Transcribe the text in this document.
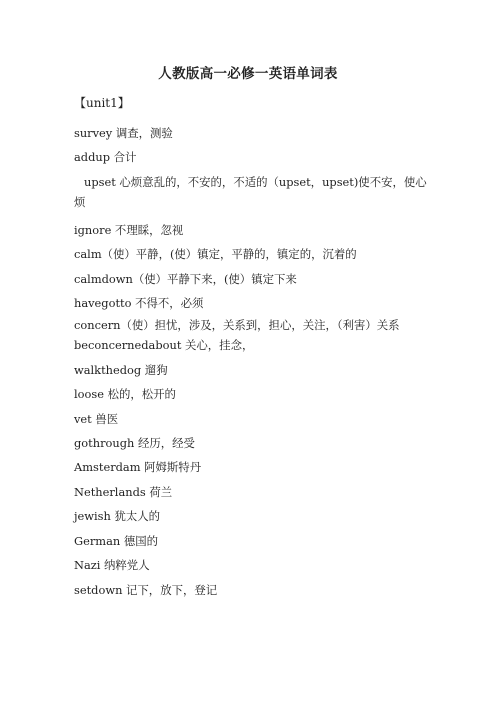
人教版高一必修一英语单词表
【unit1】
survey 调查，测验
addup 合计
upset 心烦意乱的，不安的，不适的（upset，upset)使不安，使心烦
ignore 不理睬，忽视
calm（使）平静，(使）镇定，平静的，镇定的，沉着的
calmdown（使）平静下来，(使）镇定下来
havegotto 不得不，必须
concern（使）担忧，涉及，关系到，担心，关注，（利害）关系
beconcernedabout 关心，挂念，
walkthedog 遛狗
loose 松的，松开的
vet 兽医
gothrough 经历，经受
Amsterdam 阿姆斯特丹
Netherlands 荷兰
jewish 犹太人的
German 德国的
Nazi 纳粹党人
setdown 记下，放下，登记
